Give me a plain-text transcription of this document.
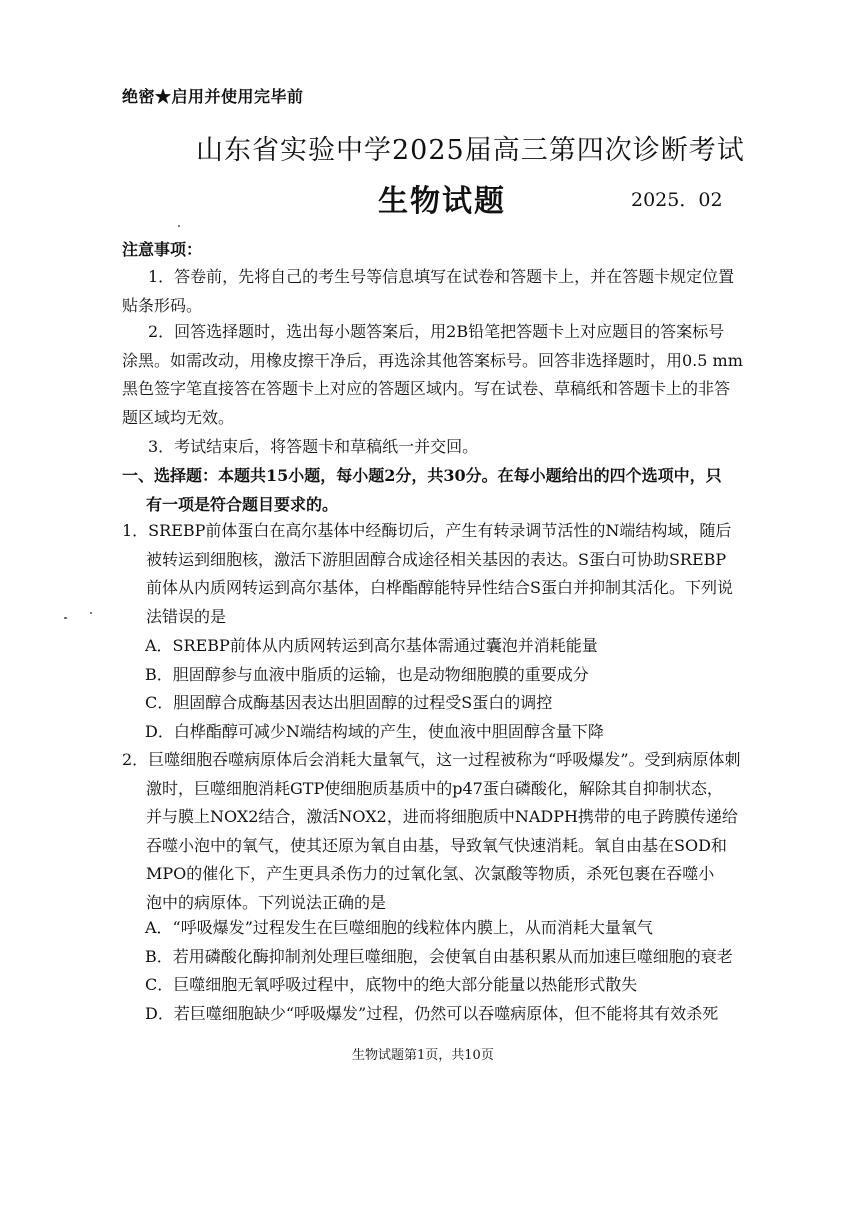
绝密★启用并使用完毕前
山东省实验中学2025届高三第四次诊断考试
生物试题	2025．02
注意事项：
1．答卷前，先将自己的考生号等信息填写在试卷和答题卡上，并在答题卡规定位置
贴条形码。
2．回答选择题时，选出每小题答案后，用2B铅笔把答题卡上对应题目的答案标号
涂黑。如需改动，用橡皮擦干净后，再选涂其他答案标号。回答非选择题时，用0.5 mm
黑色签字笔直接答在答题卡上对应的答题区域内。写在试卷、草稿纸和答题卡上的非答
题区域均无效。
3．考试结束后，将答题卡和草稿纸一并交回。
一、选择题：本题共15小题，每小题2分，共30分。在每小题给出的四个选项中，只
有一项是符合题目要求的。
1．SREBP前体蛋白在高尔基体中经酶切后，产生有转录调节活性的N端结构域，随后
被转运到细胞核，激活下游胆固醇合成途径相关基因的表达。S蛋白可协助SREBP
前体从内质网转运到高尔基体，白桦酯醇能特异性结合S蛋白并抑制其活化。下列说
法错误的是
A．SREBP前体从内质网转运到高尔基体需通过囊泡并消耗能量
B．胆固醇参与血液中脂质的运输，也是动物细胞膜的重要成分
C．胆固醇合成酶基因表达出胆固醇的过程受S蛋白的调控
D．白桦酯醇可减少N端结构域的产生，使血液中胆固醇含量下降
2．巨噬细胞吞噬病原体后会消耗大量氧气，这一过程被称为“呼吸爆发”。受到病原体刺
激时，巨噬细胞消耗GTP使细胞质基质中的p47蛋白磷酸化，解除其自抑制状态，
并与膜上NOX2结合，激活NOX2，进而将细胞质中NADPH携带的电子跨膜传递给
吞噬小泡中的氧气，使其还原为氧自由基，导致氧气快速消耗。氧自由基在SOD和
MPO的催化下，产生更具杀伤力的过氧化氢、次氯酸等物质，杀死包裹在吞噬小
泡中的病原体。下列说法正确的是
A．“呼吸爆发”过程发生在巨噬细胞的线粒体内膜上，从而消耗大量氧气
B．若用磷酸化酶抑制剂处理巨噬细胞，会使氧自由基积累从而加速巨噬细胞的衰老
C．巨噬细胞无氧呼吸过程中，底物中的绝大部分能量以热能形式散失
D．若巨噬细胞缺少“呼吸爆发”过程，仍然可以吞噬病原体，但不能将其有效杀死
生物试题第1页，共10页
